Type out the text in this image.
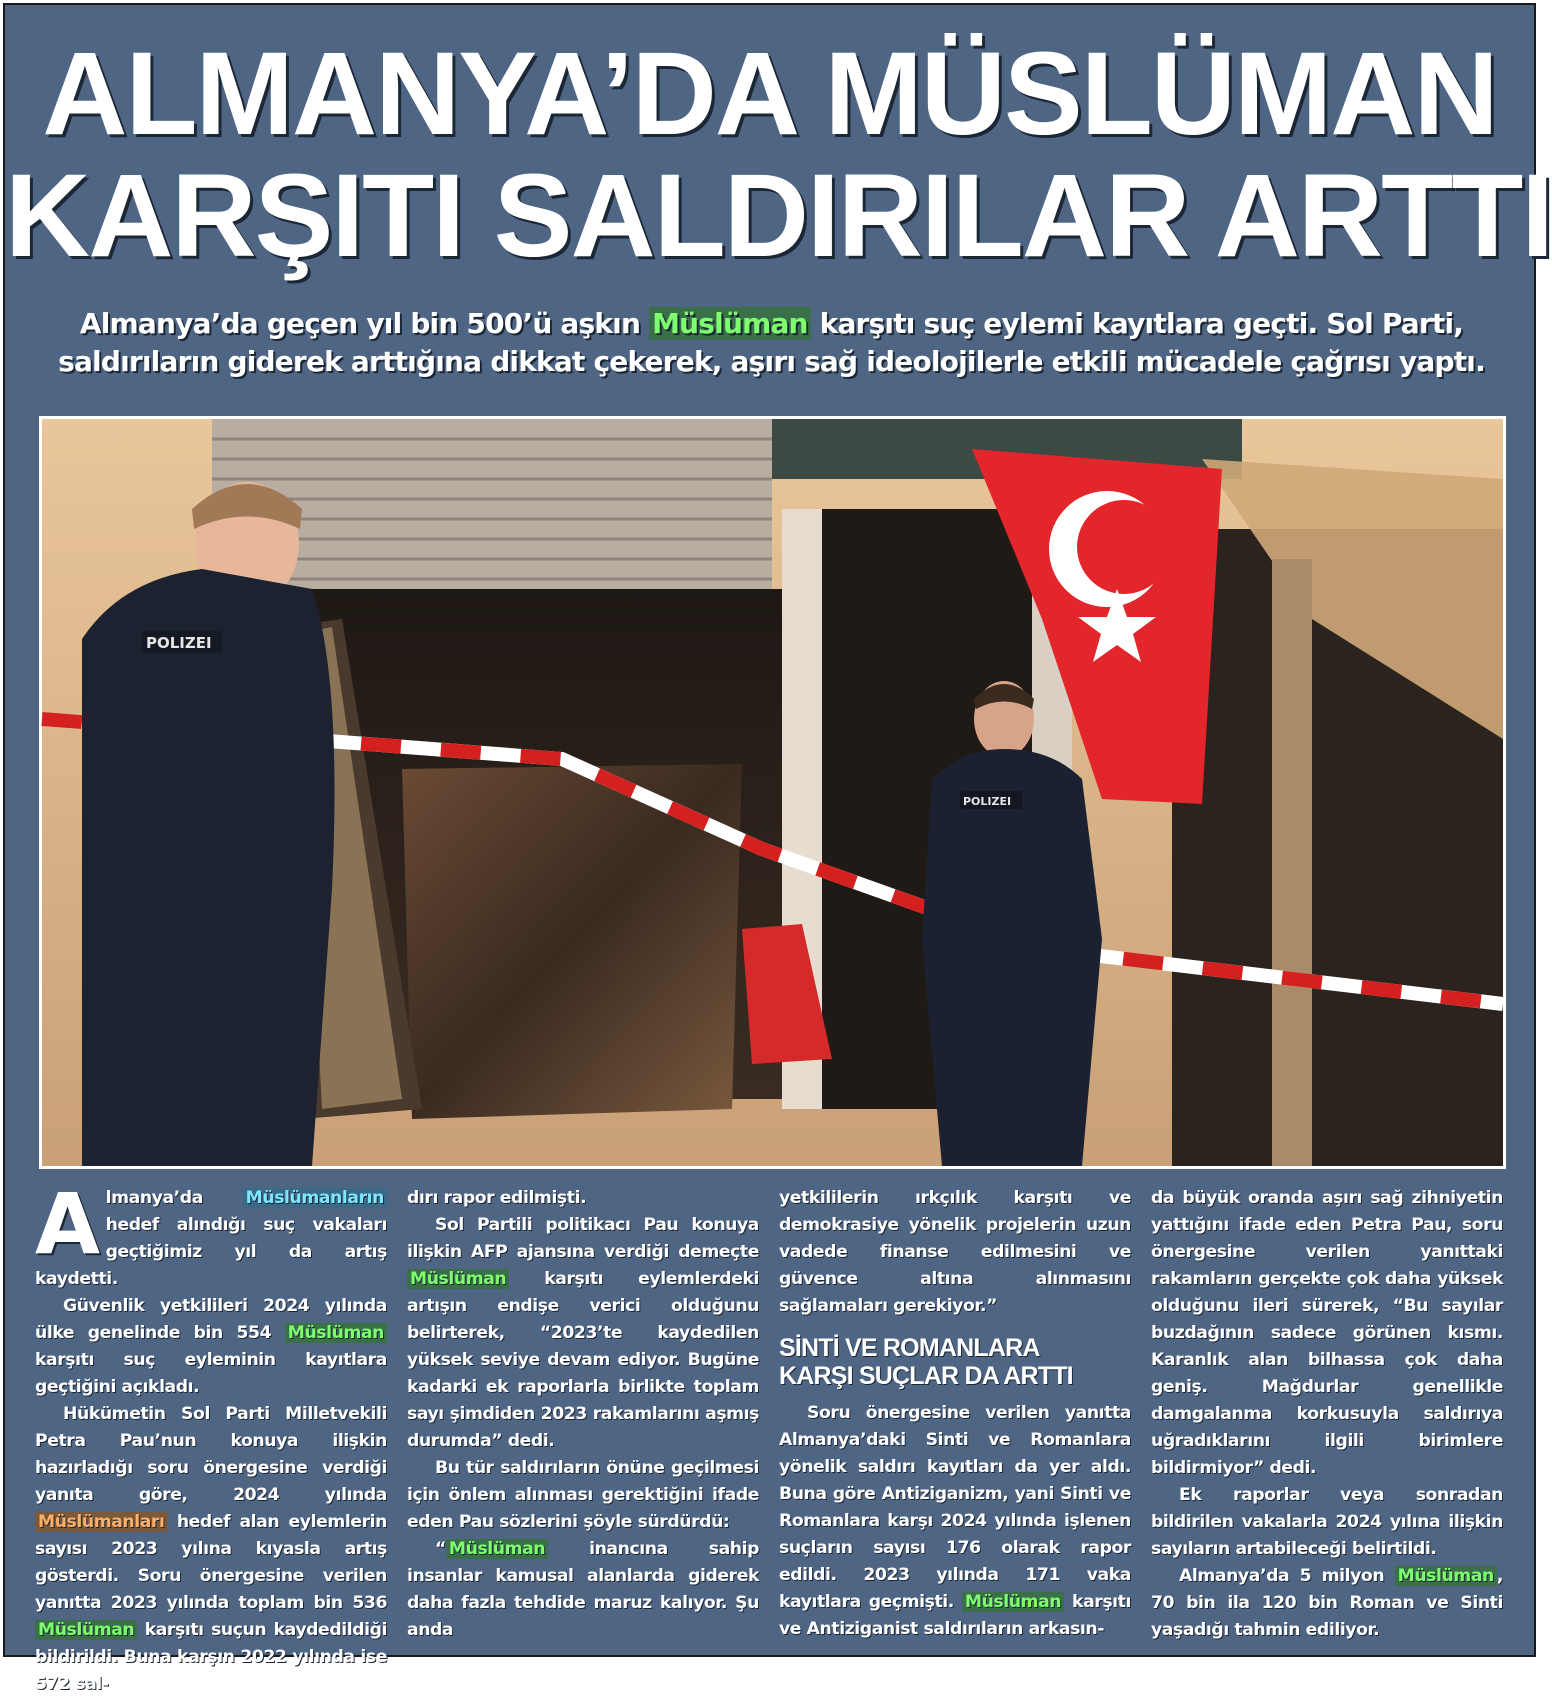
ALMANYA’DA MÜSLÜMAN
KARŞITI SALDIRILAR ARTTI
Almanya’da geçen yıl bin 500’ü aşkın Müslüman karşıtı suç eylemi kayıtlara geçti. Sol Parti, saldırıların giderek arttığına dikkat çekerek, aşırı sağ ideolojilerle etkili mücadele çağrısı yaptı.
POLIZEI
POLIZEI

Almanya’da Müslümanların hedef alındığı suç vakaları geçtiğimiz yıl da artış kaydetti.

Güvenlik yetkilileri 2024 yılında ülke genelinde bin 554 Müslüman karşıtı suç eyleminin kayıtlara geçtiğini açıkladı.

Hükümetin Sol Parti Milletvekili Petra Pau’nun konuya ilişkin hazırladığı soru önergesine verdiği yanıta göre, 2024 yılında Müslümanları hedef alan eylemlerin sayısı 2023 yılına kıyasla artış gösterdi. Soru önergesine verilen yanıtta 2023 yılında toplam bin 536 Müslüman karşıtı suçun kaydedildiği bildirildi. Buna karşın 2022 yılında ise 572 sal-

dırı rapor edilmişti.

Sol Partili politikacı Pau konuya ilişkin AFP ajansına verdiği demeçte Müslüman karşıtı eylemlerdeki artışın endişe verici olduğunu belirterek, “2023’te kaydedilen yüksek seviye devam ediyor. Bugüne kadarki ek raporlarla birlikte toplam sayı şimdiden 2023 rakamlarını aşmış durumda” dedi.

Bu tür saldırıların önüne geçilmesi için önlem alınması gerektiğini ifade eden Pau sözlerini şöyle sürdürdü:

“ Müslüman inancına sahip insanlar kamusal alanlarda giderek daha fazla tehdide maruz kalıyor. Şu anda

yetkililerin ırkçılık karşıtı ve demokrasiye yönelik projelerin uzun vadede finanse edilmesini ve güvence altına alınmasını sağlamaları gerekiyor.”

SİNTİ VE ROMANLARA
KARŞI SUÇLAR DA ARTTI

Soru önergesine verilen yanıtta Almanya’daki Sinti ve Romanlara yönelik saldırı kayıtları da yer aldı. Buna göre Antiziganizm, yani Sinti ve Romanlara karşı 2024 yılında işlenen suçların sayısı 176 olarak rapor edildi. 2023 yılında 171 vaka kayıtlara geçmişti. Müslüman karşıtı ve Antiziganist saldırıların arkasın-

da büyük oranda aşırı sağ zihniyetin yattığını ifade eden Petra Pau, soru önergesine verilen yanıttaki rakamların gerçekte çok daha yüksek olduğunu ileri sürerek, “Bu sayılar buzdağının sadece görünen kısmı. Karanlık alan bilhassa çok daha geniş. Mağdurlar genellikle damgalanma korkusuyla saldırıya uğradıklarını ilgili birimlere bildirmiyor” dedi.

Ek raporlar veya sonradan bildirilen vakalarla 2024 yılına ilişkin sayıların artabileceği belirtildi.

Almanya’da 5 milyon Müslüman , 70 bin ila 120 bin Roman ve Sinti yaşadığı tahmin ediliyor.
